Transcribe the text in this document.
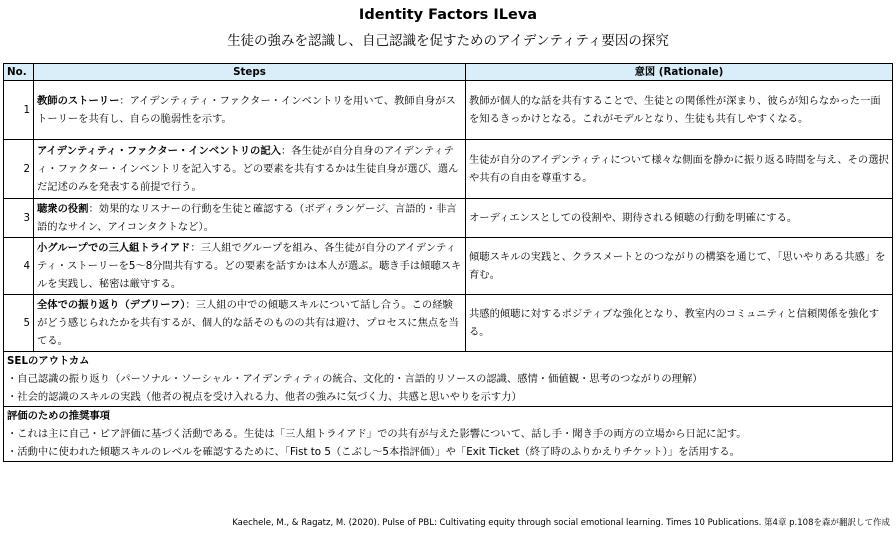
Identity Factors ILeva
生徒の強みを認識し、自己認識を促すためのアイデンティティ要因の探究
No.	Steps	意図 (Rationale)
1	教師のストーリー：アイデンティティ・ファクター・インベントリを用いて、教師自身がストーリーを共有し、自らの脆弱性を示す。	教師が個人的な話を共有することで、生徒との関係性が深まり、彼らが知らなかった一面を知るきっかけとなる。これがモデルとなり、生徒も共有しやすくなる。
2	アイデンティティ・ファクター・インベントリの記入：各生徒が自分自身のアイデンティティ・ファクター・インベントリを記入する。どの要素を共有するかは生徒自身が選び、選んだ記述のみを発表する前提で行う。	生徒が自分のアイデンティティについて様々な側面を静かに振り返る時間を与え、その選択や共有の自由を尊重する。
3	聴衆の役割：効果的なリスナーの行動を生徒と確認する（ボディランゲージ、言語的・非言語的なサイン、アイコンタクトなど）。	オーディエンスとしての役割や、期待される傾聴の行動を明確にする。
4	小グループでの三人組トライアド：三人組でグループを組み、各生徒が自分のアイデンティティ・ストーリーを5～8分間共有する。どの要素を話すかは本人が選ぶ。聴き手は傾聴スキルを実践し、秘密は厳守する。	傾聴スキルの実践と、クラスメートとのつながりの構築を通じて、「思いやりある共感」を育む。
5	全体での振り返り（デブリーフ）：三人組の中での傾聴スキルについて話し合う。この経験がどう感じられたかを共有するが、個人的な話そのものの共有は避け、プロセスに焦点を当てる。	共感的傾聴に対するポジティブな強化となり、教室内のコミュニティと信頼関係を強化する。

SELのアウトカム
・自己認識の振り返り（パーソナル・ソーシャル・アイデンティティの統合、文化的・言語的リソースの認識、感情・価値観・思考のつながりの理解）
・社会的認識のスキルの実践（他者の視点を受け入れる力、他者の強みに気づく力、共感と思いやりを示す力）		

評価のための推奨事項
・これは主に自己・ピア評価に基づく活動である。生徒は「三人組トライアド」での共有が与えた影響について、話し手・聞き手の両方の立場から日記に記す。
・活動中に使われた傾聴スキルのレベルを確認するために、「Fist to 5（こぶし～5本指評価）」や「Exit Ticket（終了時のふりかえりチケット）」を活用する。		
Kaechele, M., & Ragatz, M. (2020). Pulse of PBL: Cultivating equity through social emotional learning. Times 10 Publications. 第4章 p.108を森が翻訳して作成
